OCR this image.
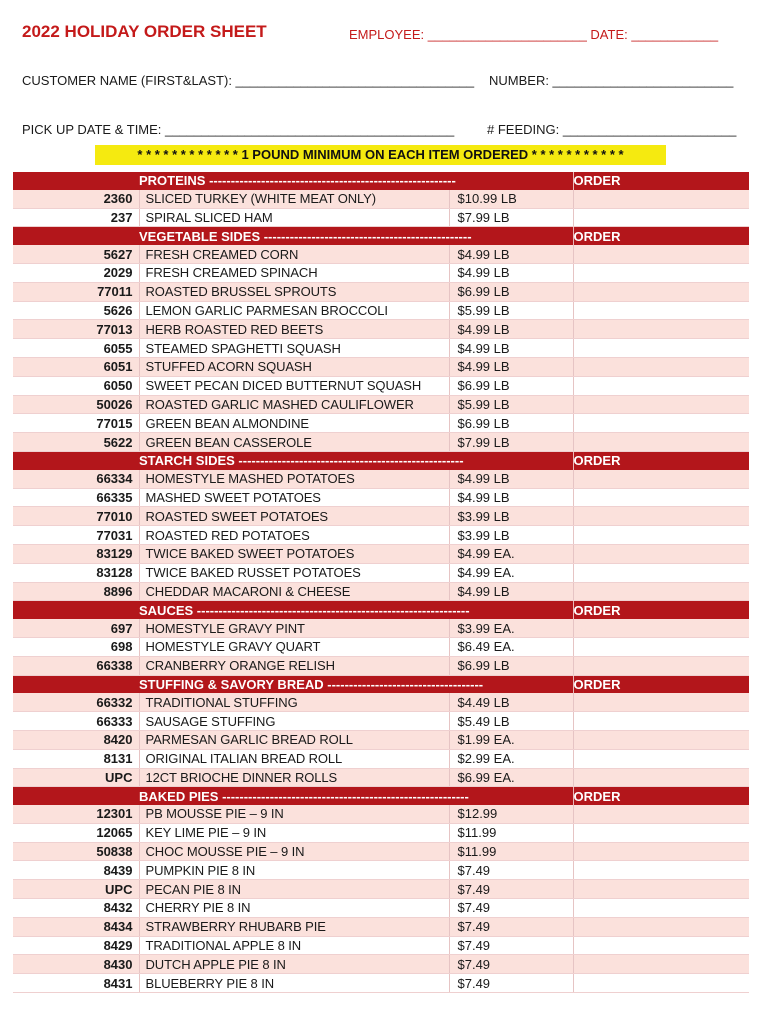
2022 HOLIDAY ORDER SHEET	EMPLOYEE: ______________________ DATE: ____________
CUSTOMER NAME (FIRST&LAST): _________________________________ NUMBER: _________________________
PICK UP DATE & TIME: ________________________________________	# FEEDING: ________________________
* * * * * * * * * * * * 1 POUND MINIMUM ON EACH ITEM ORDERED * * * * * * * * * * *
	PROTEINS ---------------------------------------------------------		ORDER
2360	SLICED TURKEY (WHITE MEAT ONLY)	$10.99 LB	
237	SPIRAL SLICED HAM	$7.99 LB	
	VEGETABLE SIDES ------------------------------------------------		ORDER
5627	FRESH CREAMED CORN	$4.99 LB	
2029	FRESH CREAMED SPINACH	$4.99 LB	
77011	ROASTED BRUSSEL SPROUTS	$6.99 LB	
5626	LEMON GARLIC PARMESAN BROCCOLI	$5.99 LB	
77013	HERB ROASTED RED BEETS	$4.99 LB	
6055	STEAMED SPAGHETTI SQUASH	$4.99 LB	
6051	STUFFED ACORN SQUASH	$4.99 LB	
6050	SWEET PECAN DICED BUTTERNUT SQUASH	$6.99 LB	
50026	ROASTED GARLIC MASHED CAULIFLOWER	$5.99 LB	
77015	GREEN BEAN ALMONDINE	$6.99 LB	
5622	GREEN BEAN CASSEROLE	$7.99 LB	
	STARCH SIDES ----------------------------------------------------		ORDER
66334	HOMESTYLE MASHED POTATOES	$4.99 LB	
66335	MASHED SWEET POTATOES	$4.99 LB	
77010	ROASTED SWEET POTATOES	$3.99 LB	
77031	ROASTED RED POTATOES	$3.99 LB	
83129	TWICE BAKED SWEET POTATOES	$4.99 EA.	
83128	TWICE BAKED RUSSET POTATOES	$4.99 EA.	
8896	CHEDDAR MACARONI & CHEESE	$4.99 LB	
	SAUCES ---------------------------------------------------------------		ORDER
697	HOMESTYLE GRAVY PINT	$3.99 EA.	
698	HOMESTYLE GRAVY QUART	$6.49 EA.	
66338	CRANBERRY ORANGE RELISH	$6.99 LB	
	STUFFING & SAVORY BREAD ------------------------------------		ORDER
66332	TRADITIONAL STUFFING	$4.49 LB	
66333	SAUSAGE STUFFING	$5.49 LB	
8420	PARMESAN GARLIC BREAD ROLL	$1.99 EA.	
8131	ORIGINAL ITALIAN BREAD ROLL	$2.99 EA.	
UPC	12CT BRIOCHE DINNER ROLLS	$6.99 EA.	
	BAKED PIES ---------------------------------------------------------		ORDER
12301	PB MOUSSE PIE – 9 IN	$12.99	
12065	KEY LIME PIE – 9 IN	$11.99	
50838	CHOC MOUSSE PIE – 9 IN	$11.99	
8439	PUMPKIN PIE 8 IN	$7.49	
UPC	PECAN PIE 8 IN	$7.49	
8432	CHERRY PIE 8 IN	$7.49	
8434	STRAWBERRY RHUBARB PIE	$7.49	
8429	TRADITIONAL APPLE 8 IN	$7.49	
8430	DUTCH APPLE PIE 8 IN	$7.49	
8431	BLUEBERRY PIE 8 IN	$7.49	
